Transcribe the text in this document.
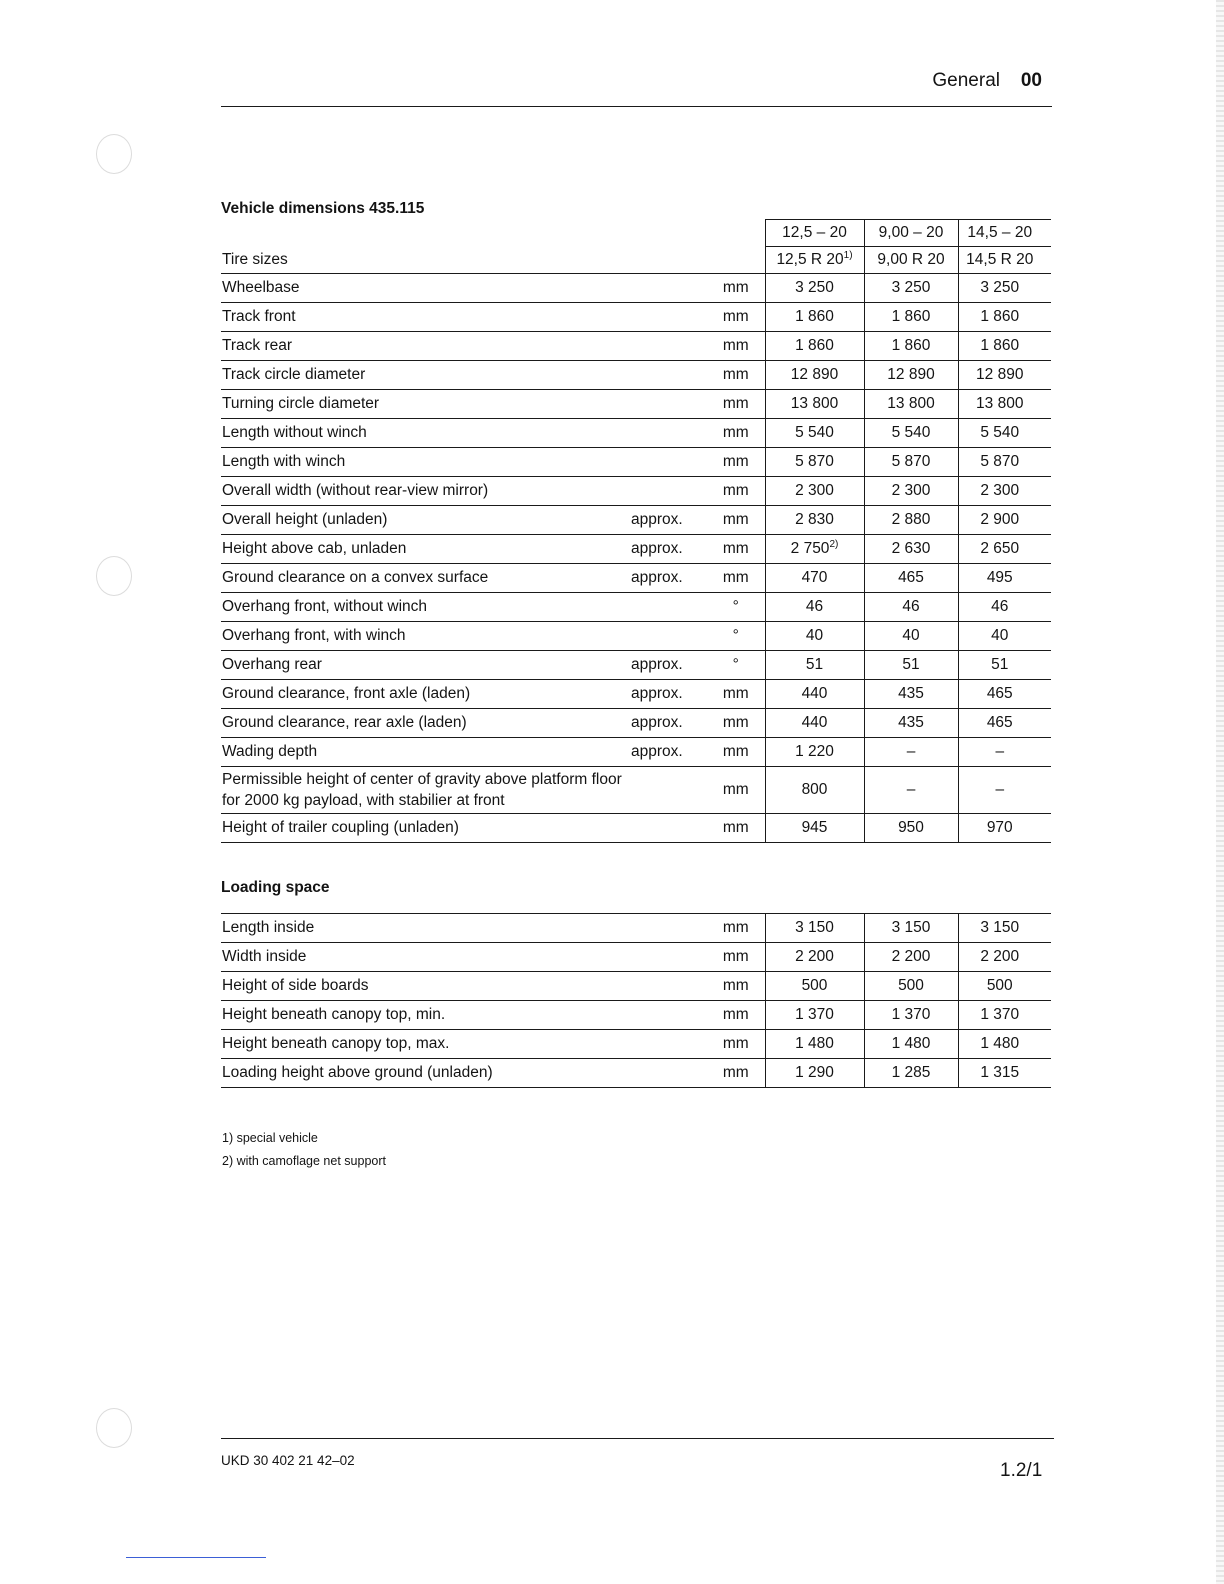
General 00
Vehicle dimensions 435.115
			12,5 – 20	9,00 – 20	14,5 – 20
Tire sizes			12,5 R 20$^{1)}$	9,00 R 20	14,5 R 20
Wheelbase		mm	3 250	3 250	3 250
Track front		mm	1 860	1 860	1 860
Track rear		mm	1 860	1 860	1 860
Track circle diameter		mm	12 890	12 890	12 890
Turning circle diameter		mm	13 800	13 800	13 800
Length without winch		mm	5 540	5 540	5 540
Length with winch		mm	5 870	5 870	5 870
Overall width (without rear-view mirror)		mm	2 300	2 300	2 300
Overall height (unladen)	approx.	mm	2 830	2 880	2 900
Height above cab, unladen	approx.	mm	2 750$^{2)}$	2 630	2 650
Ground clearance on a convex surface	approx.	mm	470	465	495
Overhang front, without winch		°	46	46	46
Overhang front, with winch		°	40	40	40
Overhang rear	approx.	°	51	51	51
Ground clearance, front axle (laden)	approx.	mm	440	435	465
Ground clearance, rear axle (laden)	approx.	mm	440	435	465
Wading depth	approx.	mm	1 220	–	–
Permissible height of center of gravity above platform floor for 2000 kg payload, with stabilier at front		mm	800	–	–
Height of trailer coupling (unladen)		mm	945	950	970
Loading space
Length inside		mm	3 150	3 150	3 150
Width inside		mm	2 200	2 200	2 200
Height of side boards		mm	500	500	500
Height beneath canopy top, min.		mm	1 370	1 370	1 370
Height beneath canopy top, max.		mm	1 480	1 480	1 480
Loading height above ground (unladen)		mm	1 290	1 285	1 315
1) special vehicle
2) with camoflage net support
UKD 30 402 21 42–02	1.2/1
